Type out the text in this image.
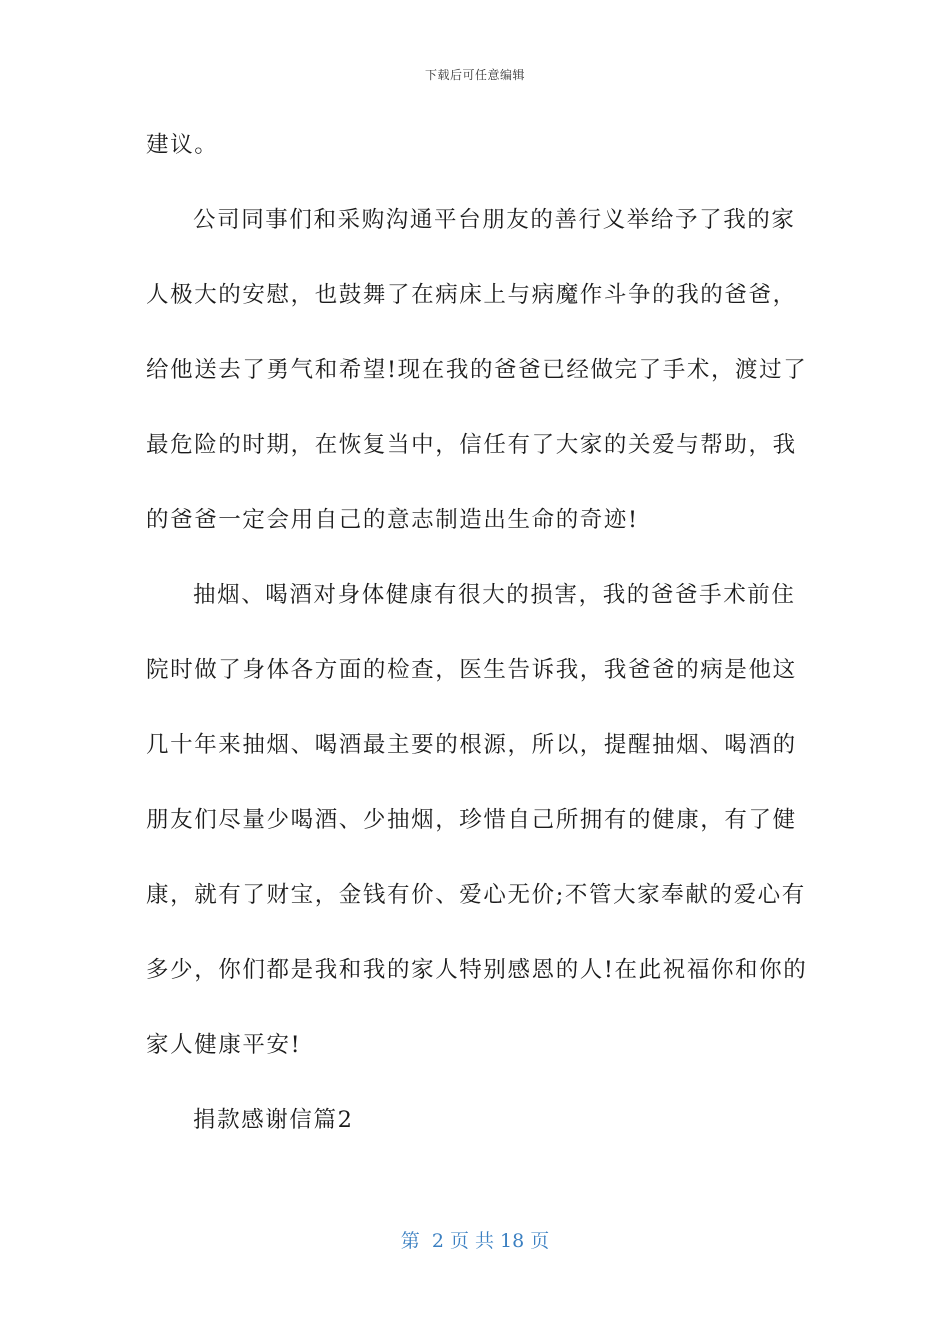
下载后可任意编辑
建议。
公司同事们和采购沟通平台朋友的善行义举给予了我的家
人极大的安慰，也鼓舞了在病床上与病魔作斗争的我的爸爸，
给他送去了勇气和希望!现在我的爸爸已经做完了手术，渡过了
最危险的时期，在恢复当中，信任有了大家的关爱与帮助，我
的爸爸一定会用自己的意志制造出生命的奇迹!
抽烟、喝酒对身体健康有很大的损害，我的爸爸手术前住
院时做了身体各方面的检查，医生告诉我，我爸爸的病是他这
几十年来抽烟、喝酒最主要的根源，所以，提醒抽烟、喝酒的
朋友们尽量少喝酒、少抽烟，珍惜自己所拥有的健康，有了健
康，就有了财宝，金钱有价、爱心无价;不管大家奉献的爱心有
多少，你们都是我和我的家人特别感恩的人!在此祝福你和你的
家人健康平安!
捐款感谢信篇2
第  2 页 共 18 页
